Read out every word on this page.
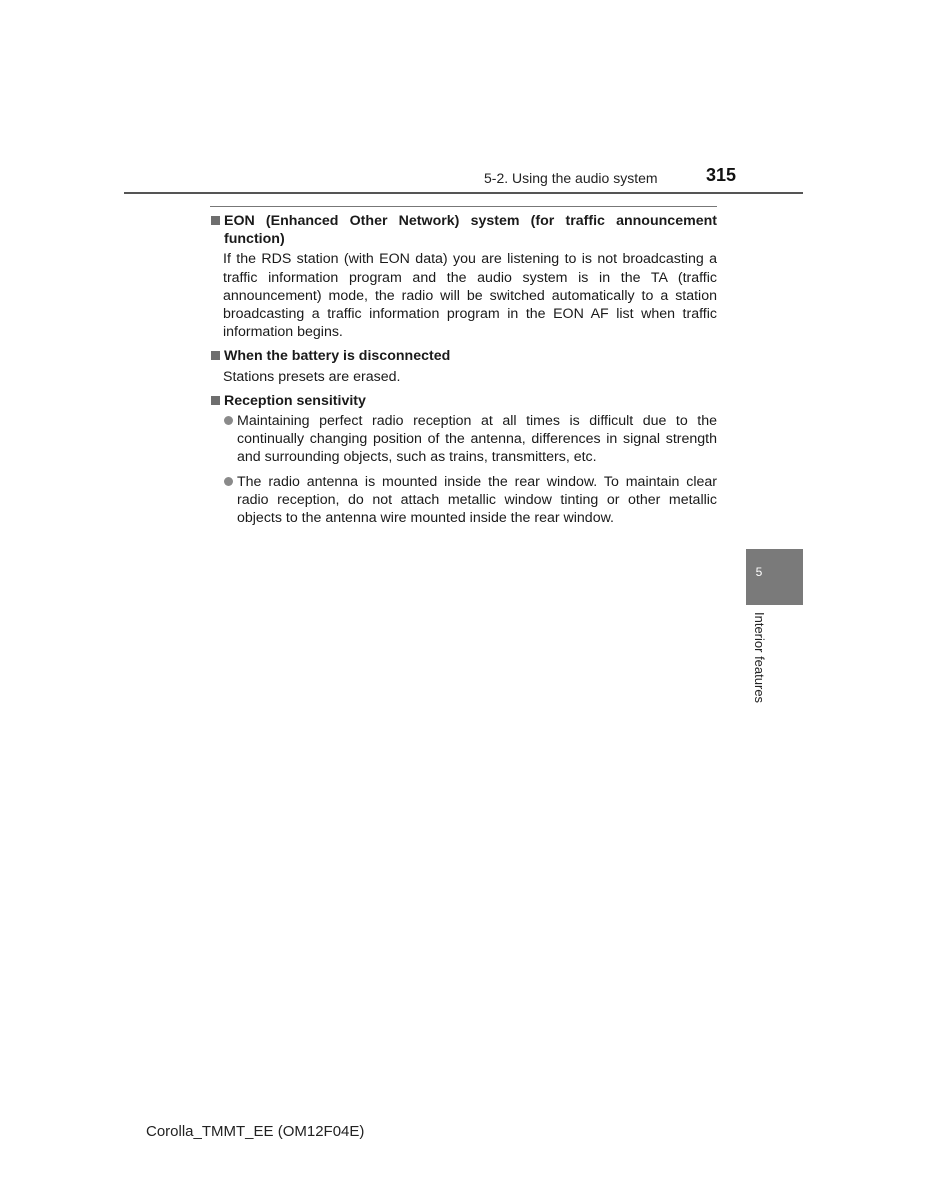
5-2. Using the audio system	315
EON (Enhanced Other Network) system (for traffic announcement function)
If the RDS station (with EON data) you are listening to is not broadcasting a traffic information program and the audio system is in the TA (traffic announcement) mode, the radio will be switched automatically to a station broadcasting a traffic information program in the EON AF list when traffic information begins.
When the battery is disconnected
Stations presets are erased.
Reception sensitivity
Maintaining perfect radio reception at all times is difficult due to the continually changing position of the antenna, differences in signal strength and surrounding objects, such as trains, transmitters, etc.
The radio antenna is mounted inside the rear window. To maintain clear radio reception, do not attach metallic window tinting or other metallic objects to the antenna wire mounted inside the rear window.
5
Interior features
Corolla_TMMT_EE (OM12F04E)
